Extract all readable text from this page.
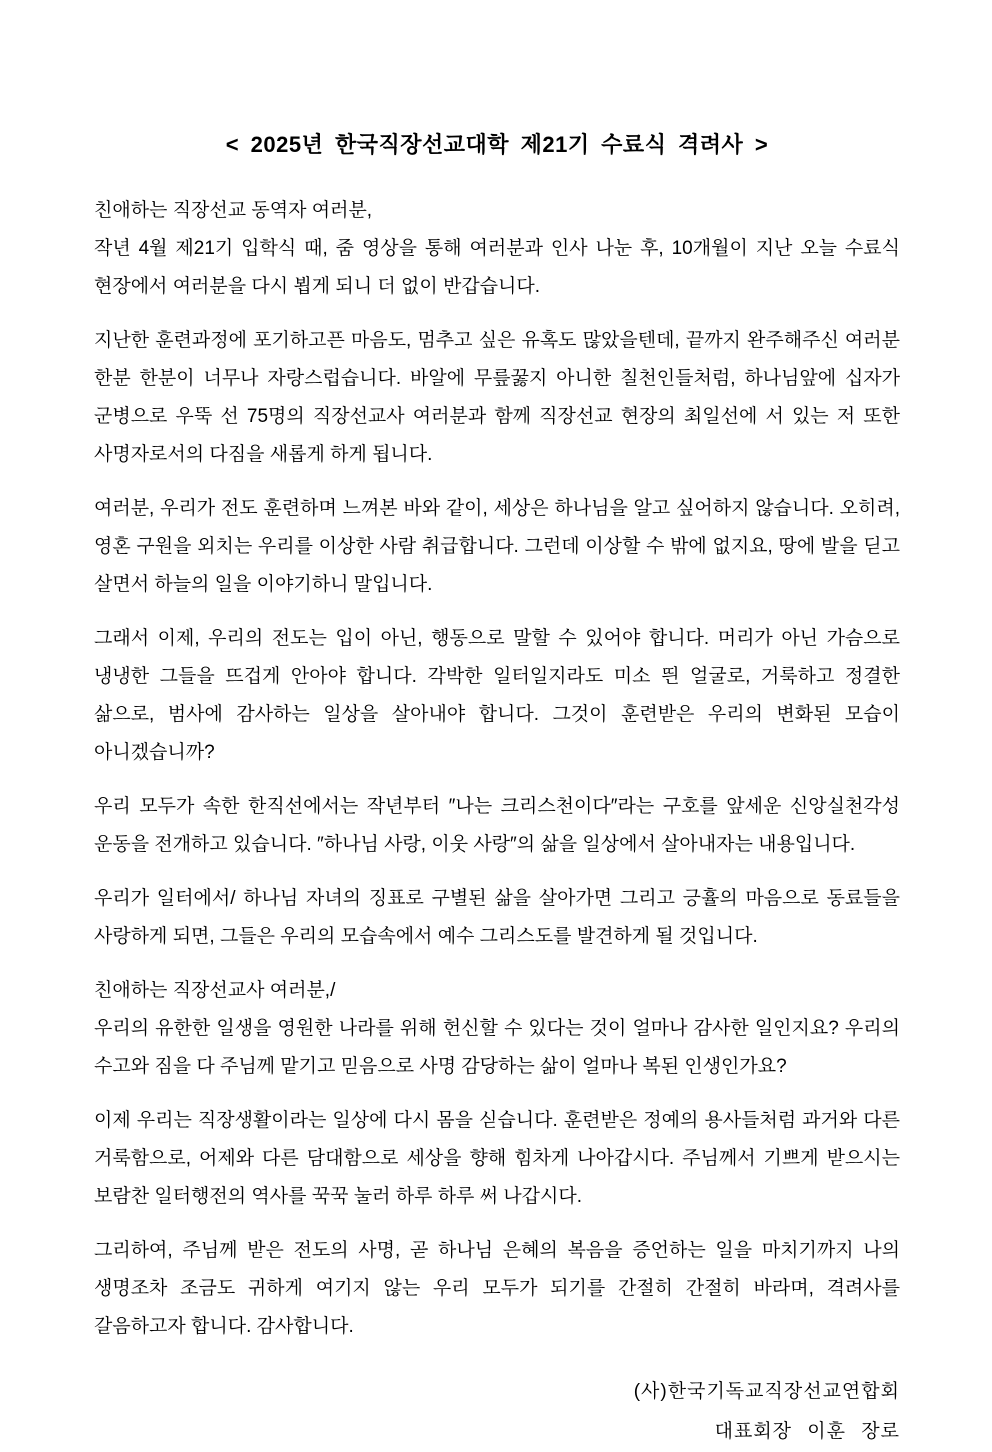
< 2025년 한국직장선교대학 제21기 수료식 격려사 >

친애하는 직장선교 동역자 여러분,
작년 4월 제21기 입학식 때, 줌 영상을 통해 여러분과 인사 나눈 후, 10개월이 지난 오늘 수료식 현장에서 여러분을 다시 뵙게 되니 더 없이 반갑습니다.

지난한 훈련과정에 포기하고픈 마음도, 멈추고 싶은 유혹도 많았을텐데, 끝까지 완주해주신 여러분 한분 한분이 너무나 자랑스럽습니다. 바알에 무릎꿇지 아니한 칠천인들처럼, 하나님앞에 십자가 군병으로 우뚝 선 75명의 직장선교사 여러분과 함께 직장선교 현장의 최일선에 서 있는 저 또한 사명자로서의 다짐을 새롭게 하게 됩니다.

여러분, 우리가 전도 훈련하며 느껴본 바와 같이, 세상은 하나님을 알고 싶어하지 않습니다. 오히려, 영혼 구원을 외치는 우리를 이상한 사람 취급합니다. 그런데 이상할 수 밖에 없지요, 땅에 발을 딛고 살면서 하늘의 일을 이야기하니 말입니다.

그래서 이제, 우리의 전도는 입이 아닌, 행동으로 말할 수 있어야 합니다. 머리가 아닌 가슴으로 냉냉한 그들을 뜨겁게 안아야 합니다. 각박한 일터일지라도 미소 띈 얼굴로, 거룩하고 정결한 삶으로, 범사에 감사하는 일상을 살아내야 합니다. 그것이 훈련받은 우리의 변화된 모습이 아니겠습니까?

우리 모두가 속한 한직선에서는 작년부터 ″나는 크리스천이다″라는 구호를 앞세운 신앙실천각성 운동을 전개하고 있습니다. ″하나님 사랑, 이웃 사랑″의 삶을 일상에서 살아내자는 내용입니다.

우리가 일터에서/ 하나님 자녀의 징표로 구별된 삶을 살아가면 그리고 긍휼의 마음으로 동료들을 사랑하게 되면, 그들은 우리의 모습속에서 예수 그리스도를 발견하게 될 것입니다.

친애하는 직장선교사 여러분,/
우리의 유한한 일생을 영원한 나라를 위해 헌신할 수 있다는 것이 얼마나 감사한 일인지요? 우리의 수고와 짐을 다 주님께 맡기고 믿음으로 사명 감당하는 삶이 얼마나 복된 인생인가요?

이제 우리는 직장생활이라는 일상에 다시 몸을 싣습니다. 훈련받은 정예의 용사들처럼 과거와 다른 거룩함으로, 어제와 다른 담대함으로 세상을 향해 힘차게 나아갑시다. 주님께서 기쁘게 받으시는 보람찬 일터행전의 역사를 꾹꾹 눌러 하루 하루 써 나갑시다.

그리하여, 주님께 받은 전도의 사명, 곧 하나님 은혜의 복음을 증언하는 일을 마치기까지 나의 생명조차 조금도 귀하게 여기지 않는 우리 모두가 되기를 간절히 간절히 바라며, 격려사를 갈음하고자 합니다. 감사합니다.

(사)한국기독교직장선교연합회
대표회장 이훈 장로
